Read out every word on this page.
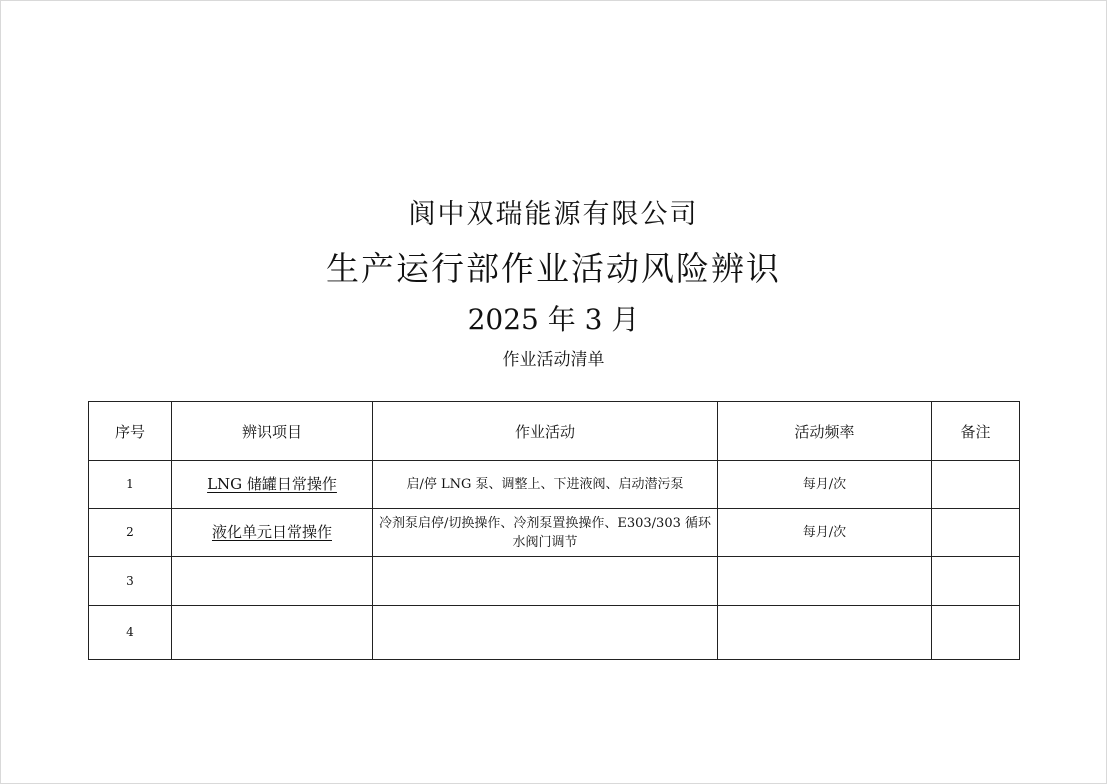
阆中双瑞能源有限公司
生产运行部作业活动风险辨识
2025 年 3 月
作业活动清单
序号	辨识项目	作业活动	活动频率	备注
1	LNG 储罐日常操作	启/停 LNG 泵、调整上、下进液阀、启动潜污泵	每月/次	
2	液化单元日常操作	冷剂泵启停/切换操作、冷剂泵置换操作、E303/303 循环水阀门调节	每月/次	
3				
4				
